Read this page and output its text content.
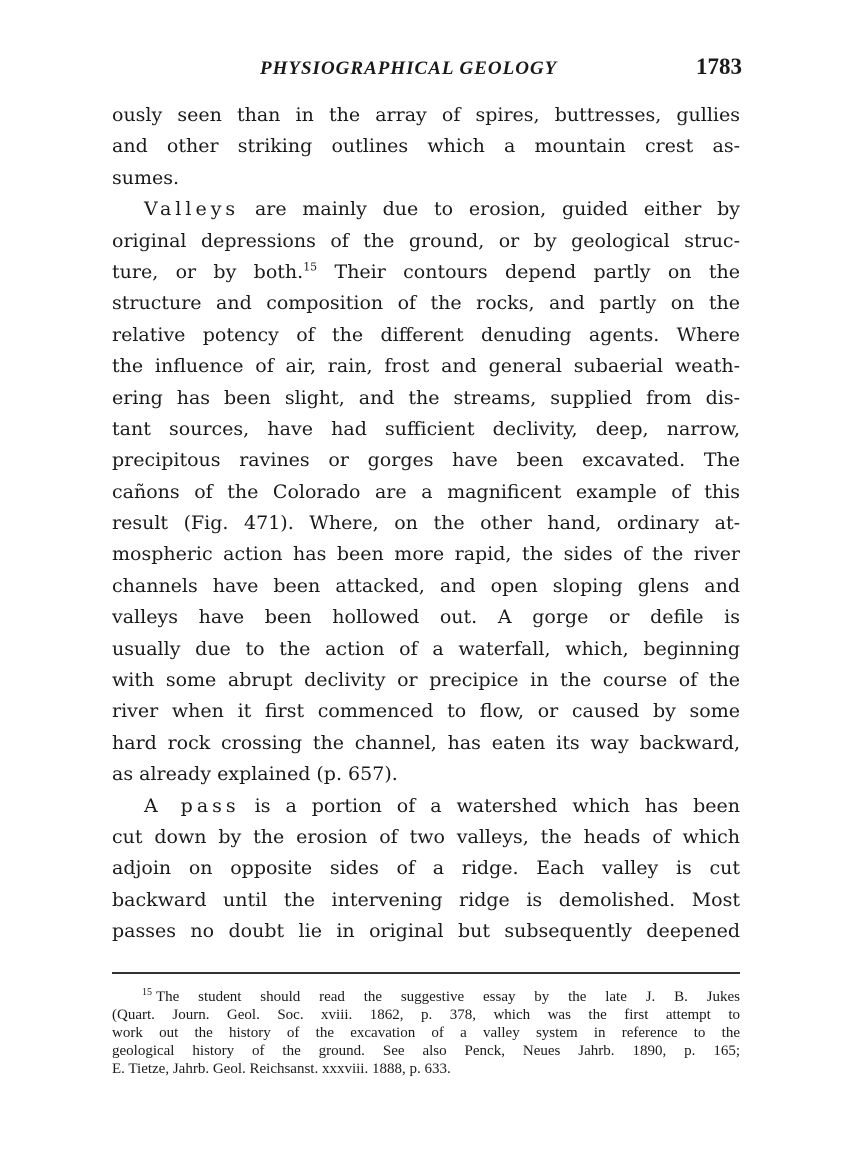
PHYSIOGRAPHICAL GEOLOGY	1783
ously seen than in the array of spires, buttresses, gullies
and other striking outlines which a mountain crest as-
sumes.
Valleys are mainly due to erosion, guided either by
original depressions of the ground, or by geological struc-
ture, or by both.$^{15}$ Their contours depend partly on the
structure and composition of the rocks, and partly on the
relative potency of the different denuding agents. Where
the influence of air, rain, frost and general subaerial weath-
ering has been slight, and the streams, supplied from dis-
tant sources, have had sufficient declivity, deep, narrow,
precipitous ravines or gorges have been excavated. The
cañons of the Colorado are a magnificent example of this
result (Fig. 471). Where, on the other hand, ordinary at-
mospheric action has been more rapid, the sides of the river
channels have been attacked, and open sloping glens and
valleys have been hollowed out. A gorge or defile is
usually due to the action of a waterfall, which, beginning
with some abrupt declivity or precipice in the course of the
river when it first commenced to flow, or caused by some
hard rock crossing the channel, has eaten its way backward,
as already explained (p. 657).
A pass is a portion of a watershed which has been
cut down by the erosion of two valleys, the heads of which
adjoin on opposite sides of a ridge. Each valley is cut
backward until the intervening ridge is demolished. Most
passes no doubt lie in original but subsequently deepened
$^{15}$ The student should read the suggestive essay by the late J. B. Jukes
(Quart. Journ. Geol. Soc. xviii. 1862, p. 378, which was the first attempt to
work out the history of the excavation of a valley system in reference to the
geological history of the ground. See also Penck, Neues Jahrb. 1890, p. 165;
E. Tietze, Jahrb. Geol. Reichsanst. xxxviii. 1888, p. 633.
